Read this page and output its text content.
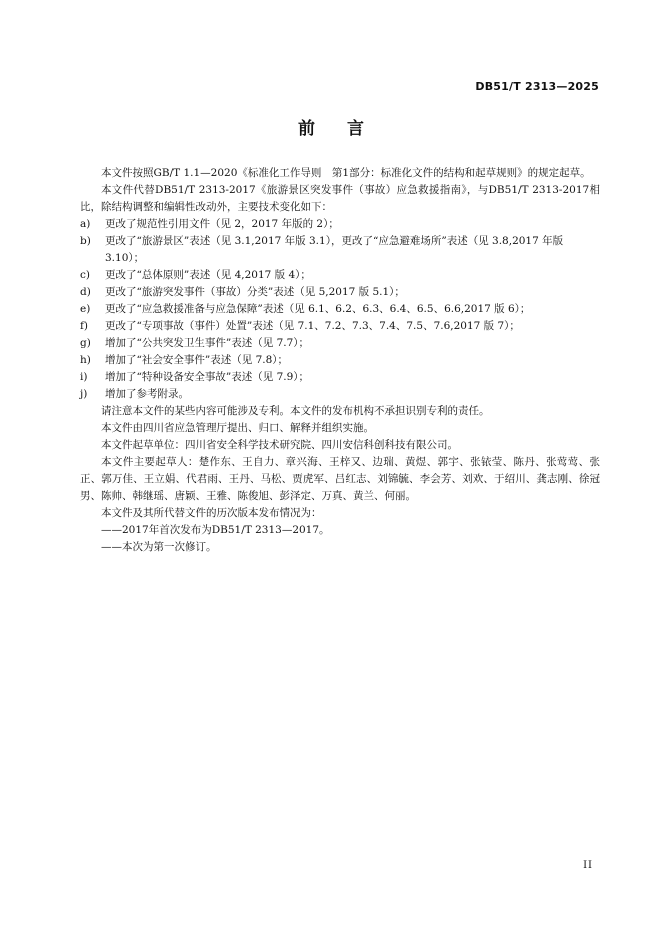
DB51/T 2313—2025
前言

本文件按照GB/T 1.1—2020《标准化工作导则　第1部分：标准化文件的结构和起草规则》的规定起草。

本文件代替DB51/T 2313-2017《旅游景区突发事件（事故）应急救援指南》，与DB51/T 2313-2017相比，除结构调整和编辑性改动外，主要技术变化如下：

a)	更改了规范性引用文件（见 2，2017 年版的 2）；
b)	更改了“旅游景区”表述（见 3.1,2017 年版 3.1），更改了“应急避难场所”表述（见 3.8,2017 年版 3.10）；
c)	更改了“总体原则”表述（见 4,2017 版 4）；
d)	更改了“旅游突发事件（事故）分类”表述（见 5,2017 版 5.1）；
e)	更改了“应急救援准备与应急保障”表述（见 6.1、6.2、6.3、6.4、6.5、6.6,2017 版 6）；
f)	更改了“专项事故（事件）处置”表述（见 7.1、7.2、7.3、7.4、7.5、7.6,2017 版 7）；
g)	增加了“公共突发卫生事件”表述（见 7.7）；
h)	增加了“社会安全事件”表述（见 7.8）；
i)	增加了“特种设备安全事故”表述（见 7.9）；
j)	增加了参考附录。

请注意本文件的某些内容可能涉及专利。本文件的发布机构不承担识别专利的责任。

本文件由四川省应急管理厅提出、归口、解释并组织实施。

本文件起草单位：四川省安全科学技术研究院、四川安信科创科技有限公司。

本文件主要起草人：楚作东、王自力、章兴海、王梓又、边瑞、黄煜、郭宇、张铱莹、陈丹、张莺莺、张正、郭万佳、王立娟、代君雨、王丹、马松、贾虎军、吕红志、刘锦毓、李会芳、刘欢、于绍川、龚志刚、徐冠男、陈帅、韩继瑶、唐颖、王雅、陈俊旭、彭泽定、万真、黄兰、何丽。

本文件及其所代替文件的历次版本发布情况为：

——2017年首次发布为DB51/T 2313—2017。

——本次为第一次修订。

II
